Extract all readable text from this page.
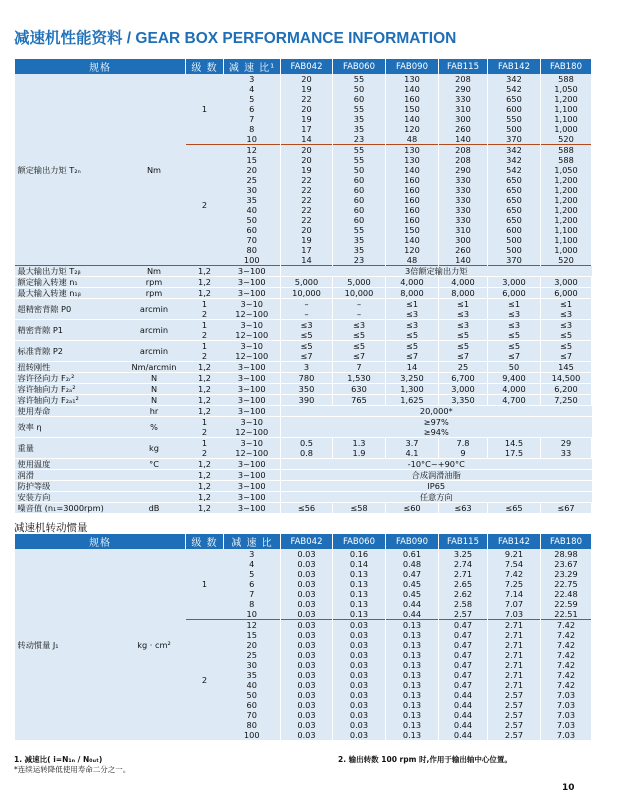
减速机性能资料 / GEAR BOX PERFORMANCE INFORMATION
规格		级 数	减 速 比¹	FAB042	FAB060	FAB090	FAB115	FAB142	FAB180	FAB220
额定输出力矩 T₂ₙ	Nm	1	3	20	55	130	208	342	588	
			4	19	50	140	290	542	1,050	
			5	22	60	160	330	650	1,200	
			6	20	55	150	310	600	1,100	
			7	19	35	140	300	550	1,100	
			8	17	35	120	260	500	1,000	
			10	14	23	48	140	370	520	
		2	12	20	55	130	208	342	588	
			15	20	55	130	208	342	588	
			20	19	50	140	290	542	1,050	
			25	22	60	160	330	650	1,200	
			30	22	60	160	330	650	1,200	
			35	22	60	160	330	650	1,200	
			40	22	60	160	330	650	1,200	
			50	22	60	160	330	650	1,200	
			60	20	55	150	310	600	1,100	
			70	19	35	140	300	500	1,100	
			80	17	35	120	260	500	1,000	
			100	14	23	48	140	370	520	
最大输出力矩 T₂ᵦ	Nm	1,2	3~100	3倍额定输出力矩						
额定输入转速 n₁	rpm	1,2	3~100	5,000	5,000	4,000	4,000	3,000	3,000	
最大输入转速 n₁ᵦ	rpm	1,2	3~100	10,000	10,000	8,000	8,000	6,000	6,000	
超精密背隙 P0	arcmin	1	3~10	–	–	≤1	≤1	≤1	≤1	
		2	12~100	–	–	≤3	≤3	≤3	≤3	
精密背隙 P1	arcmin	1	3~10	≤3	≤3	≤3	≤3	≤3	≤3	
		2	12~100	≤5	≤5	≤5	≤5	≤5	≤5	
标准背隙 P2	arcmin	1	3~10	≤5	≤5	≤5	≤5	≤5	≤5	
		2	12~100	≤7	≤7	≤7	≤7	≤7	≤7	
扭转刚性	Nm/arcmin	1,2	3~100	3	7	14	25	50	145	
容许径向力 F₂ᵣ²	N	1,2	3~100	780	1,530	3,250	6,700	9,400	14,500	
容许轴向力 F₂ₐ²	N	1,2	3~100	350	630	1,300	3,000	4,000	6,200	
容许轴向力 F₂ₐ₁²	N	1,2	3~100	390	765	1,625	3,350	4,700	7,250	
使用寿命	hr	1,2	3~100	20,000*						
效率 η	%	1	3~10	≥97%						
		2	12~100	≥94%						
重量	kg	1	3~10	0.5	1.3	3.7	7.8	14.5	29	
		2	12~100	0.8	1.9	4.1	9	17.5	33	
使用温度	°C	1,2	3~100	-10°C~+90°C						
润滑		1,2	3~100	合成润滑油脂						
防护等级		1,2	3~100	IP65						
安装方向		1,2	3~100	任意方向						
噪音值 (n₁=3000rpm)	dB	1,2	3~100	≤56	≤58	≤60	≤63	≤65	≤67	
减速机转动惯量
规格		级 数	减 速 比	FAB042	FAB060	FAB090	FAB115	FAB142	FAB180	FAB220
转动惯量 J₁	kg · cm²	1	3	0.03	0.16	0.61	3.25	9.21	28.98	
			4	0.03	0.14	0.48	2.74	7.54	23.67	
			5	0.03	0.13	0.47	2.71	7.42	23.29	
			6	0.03	0.13	0.45	2.65	7.25	22.75	
			7	0.03	0.13	0.45	2.62	7.14	22.48	
			8	0.03	0.13	0.44	2.58	7.07	22.59	
			10	0.03	0.13	0.44	2.57	7.03	22.51	
		2	12	0.03	0.03	0.13	0.47	2.71	7.42	
			15	0.03	0.03	0.13	0.47	2.71	7.42	
			20	0.03	0.03	0.13	0.47	2.71	7.42	
			25	0.03	0.03	0.13	0.47	2.71	7.42	
			30	0.03	0.03	0.13	0.47	2.71	7.42	
			35	0.03	0.03	0.13	0.47	2.71	7.42	
			40	0.03	0.03	0.13	0.47	2.71	7.42	
			50	0.03	0.03	0.13	0.44	2.57	7.03	
			60	0.03	0.03	0.13	0.44	2.57	7.03	
			70	0.03	0.03	0.13	0.44	2.57	7.03	
			80	0.03	0.03	0.13	0.44	2.57	7.03	
			100	0.03	0.03	0.13	0.44	2.57	7.03	
1. 减速比( i=N₁ₙ / N₀ᵤₜ)
*连续运转降低使用寿命二分之一。
2. 输出转数 100 rpm 时,作用于输出轴中心位置。
10
